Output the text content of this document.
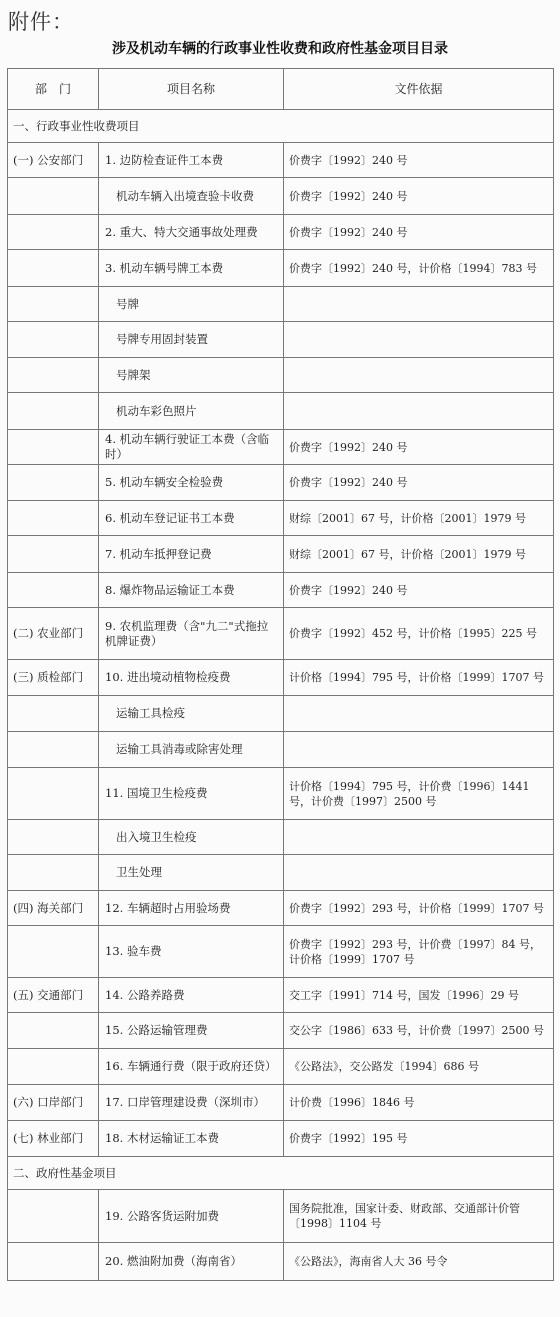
附件：
涉及机动车辆的行政事业性收费和政府性基金项目目录
部　门	项目名称	文件依据
一、行政事业性收费项目		
(一) 公安部门	1. 边防检查证件工本费	价费字〔1992〕240 号
	机动车辆入出境查验卡收费	价费字〔1992〕240 号
	2. 重大、特大交通事故处理费	价费字〔1992〕240 号
	3. 机动车辆号牌工本费	价费字〔1992〕240 号，计价格〔1994〕783 号
	号牌	
	号牌专用固封装置	
	号牌架	
	机动车彩色照片	
	4. 机动车辆行驶证工本费（含临时）	价费字〔1992〕240 号
	5. 机动车辆安全检验费	价费字〔1992〕240 号
	6. 机动车登记证书工本费	财综〔2001〕67 号，计价格〔2001〕1979 号
	7. 机动车抵押登记费	财综〔2001〕67 号，计价格〔2001〕1979 号
	8. 爆炸物品运输证工本费	价费字〔1992〕240 号
(二) 农业部门	9. 农机监理费（含"九二"式拖拉机牌证费）	价费字〔1992〕452 号，计价格〔1995〕225 号
(三) 质检部门	10. 进出境动植物检疫费	计价格〔1994〕795 号，计价格〔1999〕1707 号
	运输工具检疫	
	运输工具消毒或除害处理	
	11. 国境卫生检疫费	计价格〔1994〕795 号，计价费〔1996〕1441 号，计价费〔1997〕2500 号
	出入境卫生检疫	
	卫生处理	
(四) 海关部门	12. 车辆超时占用验场费	价费字〔1992〕293 号，计价格〔1999〕1707 号
	13. 验车费	价费字〔1992〕293 号，计价费〔1997〕84 号，计价格〔1999〕1707 号
(五) 交通部门	14. 公路养路费	交工字〔1991〕714 号，国发〔1996〕29 号
	15. 公路运输管理费	交公字〔1986〕633 号，计价费〔1997〕2500 号
	16. 车辆通行费（限于政府还贷）	《公路法》，交公路发〔1994〕686 号
(六) 口岸部门	17. 口岸管理建设费（深圳市）	计价费〔1996〕1846 号
(七) 林业部门	18. 木材运输证工本费	价费字〔1992〕195 号
二、政府性基金项目		
	19. 公路客货运附加费	国务院批准，国家计委、财政部、交通部计价管〔1998〕1104 号
	20. 燃油附加费（海南省）	《公路法》，海南省人大 36 号令
